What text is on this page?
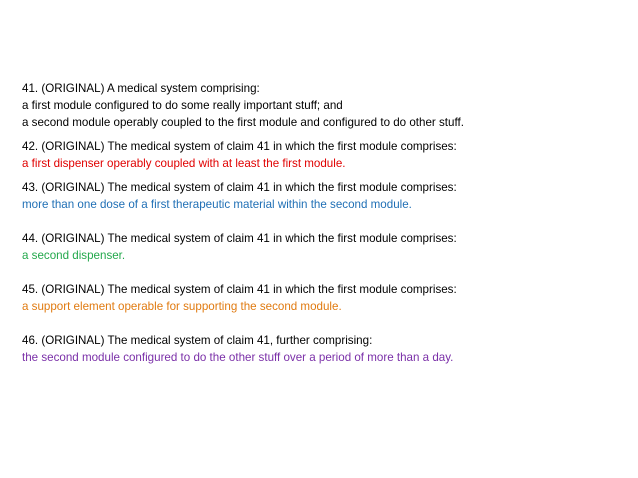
41. (ORIGINAL) A medical system comprising:

a first module configured to do some really important stuff; and

a second module operably coupled to the first module and configured to do other stuff.

42. (ORIGINAL) The medical system of claim 41 in which the first module comprises:

a first dispenser operably coupled with at least the first module.

43. (ORIGINAL) The medical system of claim 41 in which the first module comprises:

more than one dose of a first therapeutic material within the second module.

44. (ORIGINAL) The medical system of claim 41 in which the first module comprises:

a second dispenser.

45. (ORIGINAL) The medical system of claim 41 in which the first module comprises:

a support element operable for supporting the second module.

46. (ORIGINAL) The medical system of claim 41, further comprising:

the second module configured to do the other stuff over a period of more than a day.
